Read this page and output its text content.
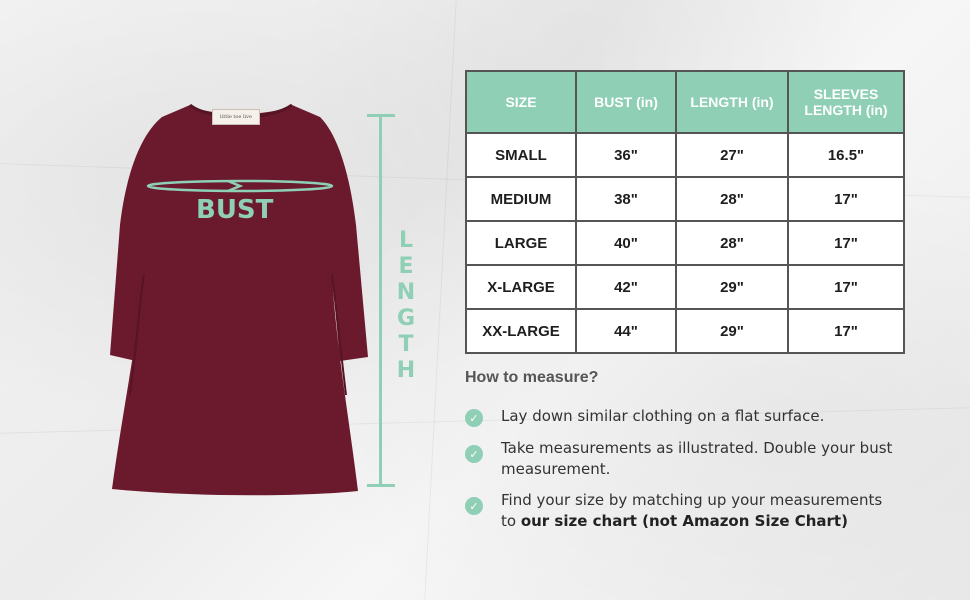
little toe live
BUST
L
E
N
G
T
H
SIZE	BUST (in)	LENGTH (in)	SLEEVES LENGTH (in)
SMALL	36"	27"	16.5"
MEDIUM	38"	28"	17"
LARGE	40"	28"	17"
X-LARGE	42"	29"	17"
XX-LARGE	44"	29"	17"
How to measure?
✓ Lay down similar clothing on a flat surface.
✓ Take measurements as illustrated. Double your bust measurement.
✓ Find your size by matching up your measurements to our size chart (not Amazon Size Chart)
